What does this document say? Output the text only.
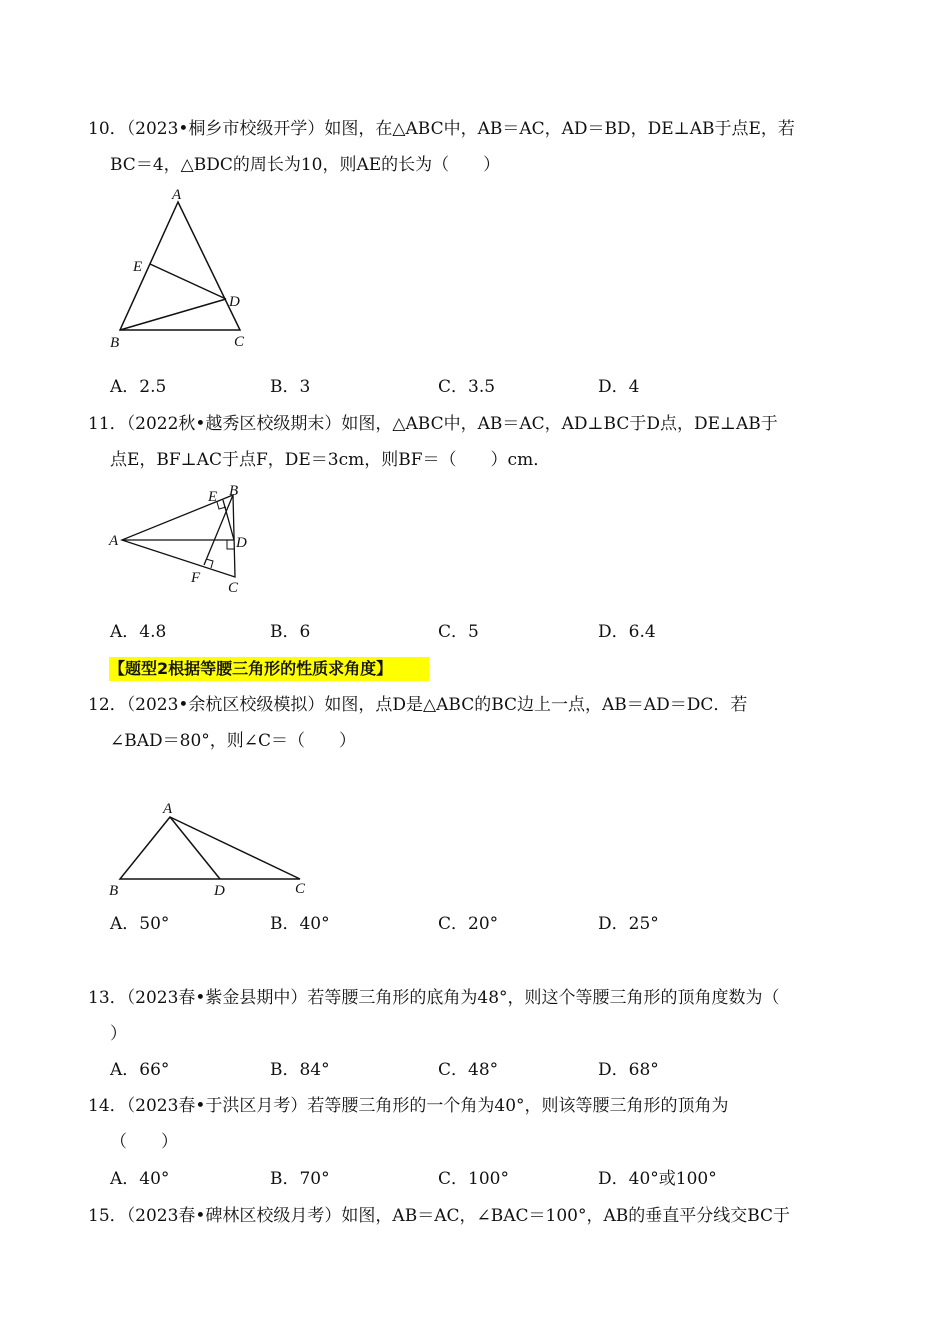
10．（2023•桐乡市校级开学）如图，在△ABC中，AB＝AC，AD＝BD，DE⊥AB于点E，若
BC＝4，△BDC的周长为10，则AE的长为（　　）
A
E
D
B	C
A．2.5	B．3	C．3.5	D．4
11．（2022秋•越秀区校级期末）如图，△ABC中，AB＝AC，AD⊥BC于D点，DE⊥AB于
点E，BF⊥AC于点F，DE＝3cm，则BF＝（　　）cm．
E B
A	D
F
C
A．4.8	B．6	C．5	D．6.4
【题型2根据等腰三角形的性质求角度】
12．（2023•余杭区校级模拟）如图，点D是△ABC的BC边上一点，AB＝AD＝DC．若
∠BAD＝80°，则∠C＝（　　）
A
B	D	C
A．50°	B．40°	C．20°	D．25°
13．（2023春•紫金县期中）若等腰三角形的底角为48°，则这个等腰三角形的顶角度数为（
）
A．66°	B．84°	C．48°	D．68°
14．（2023春•于洪区月考）若等腰三角形的一个角为40°，则该等腰三角形的顶角为
（　　）
A．40°	B．70°	C．100°	D．40°或100°
15．（2023春•碑林区校级月考）如图，AB＝AC，∠BAC＝100°，AB的垂直平分线交BC于
